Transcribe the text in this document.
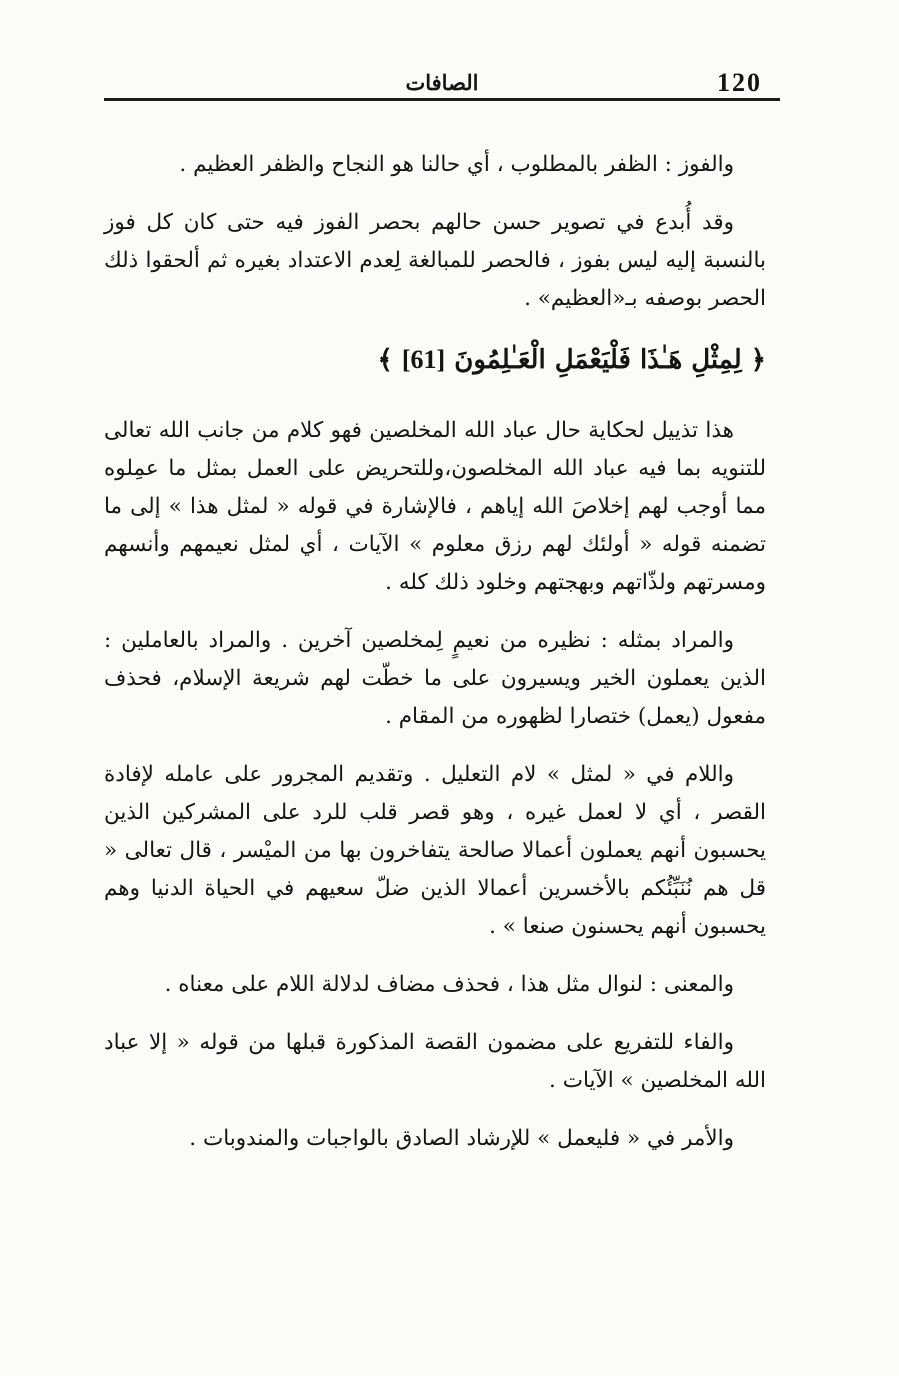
120
الصافات

والفوز : الظفر بالمطلوب ، أي حالنا هو النجاح والظفر العظيم .

وقد أُبدع في تصوير حسن حالهم بحصر الفوز فيه حتى كان كل فوز بالنسبة إليه ليس بفوز ، فالحصر للمبالغة لِعدم الاعتداد بغيره ثم ألحقوا ذلك الحصر بوصفه بـ«العظيم» .

﴿ لِمِثْلِ هَـٰذَا فَلْيَعْمَلِ الْعَـٰلِمُونَ [61] ﴾

هذا تذييل لحكاية حال عباد الله المخلصين فهو كلام من جانب الله تعالى للتنويه بما فيه عباد الله المخلصون،وللتحريض على العمل بمثل ما عمِلوه مما أوجب لهم إخلاصَ الله إياهم ، فالإشارة في قوله « لمثل هذا » إلى ما تضمنه قوله « أولئك لهم رزق معلوم » الآيات ، أي لمثل نعيمهم وأنسهم ومسرتهم ولذّاتهم وبهجتهم وخلود ذلك كله .

والمراد بمثله : نظيره من نعيمٍ لِمخلصين آخرين . والمراد بالعاملين : الذين يعملون الخير ويسيرون على ما خطّت لهم شريعة الإسلام، فحذف مفعول (يعمل) ختصارا لظهوره من المقام .

واللام في « لمثل » لام التعليل . وتقديم المجرور على عامله لإفادة القصر ، أي لا لعمل غيره ، وهو قصر قلب للرد على المشركين الذين يحسبون أنهم يعملون أعمالا صالحة يتفاخرون بها من الميْسر ، قال تعالى « قل هم نُنَبِّئُكم بالأخسرين أعمالا الذين ضلّ سعيهم في الحياة الدنيا وهم يحسبون أنهم يحسنون صنعا » .

والمعنى : لنوال مثل هذا ، فحذف مضاف لدلالة اللام على معناه .

والفاء للتفريع على مضمون القصة المذكورة قبلها من قوله « إلا عباد الله المخلصين » الآيات .

والأمر في « فليعمل » للإرشاد الصادق بالواجبات والمندوبات .
